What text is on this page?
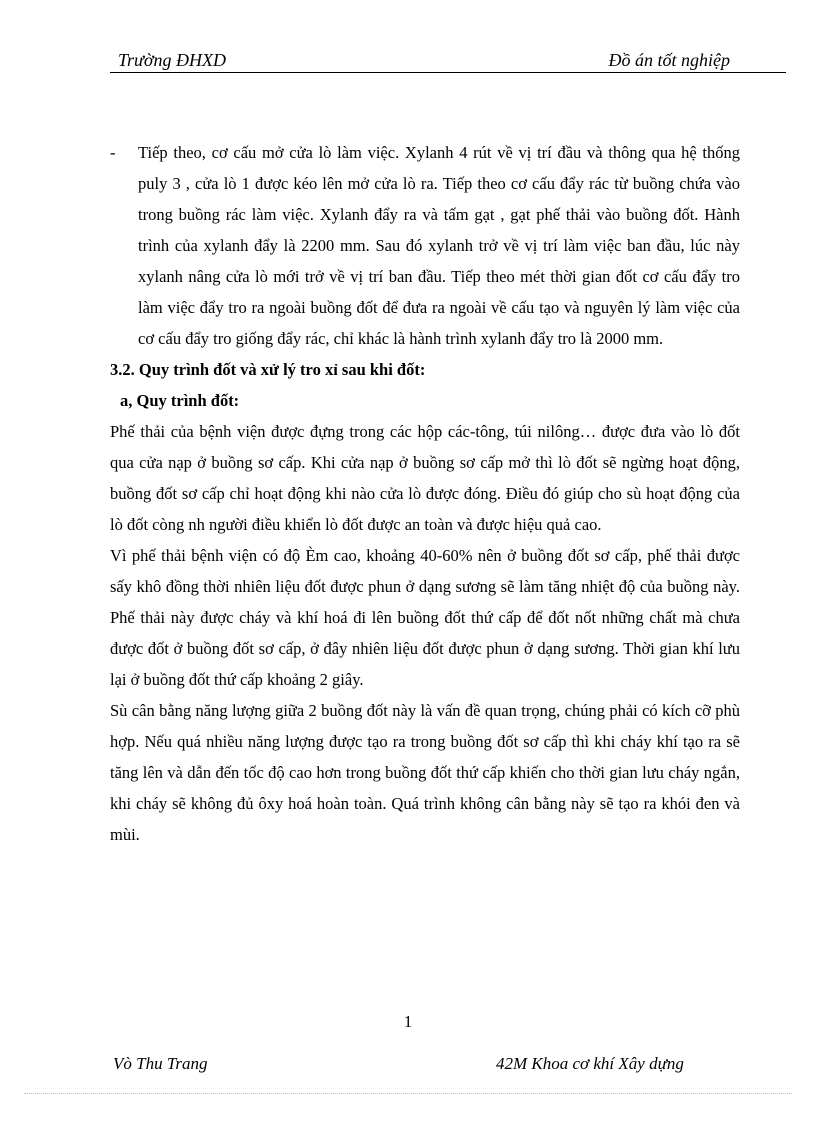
Trường ĐHXD	Đồ án tốt nghiệp
- Tiếp theo, cơ cấu mở cửa lò làm việc. Xylanh 4 rút về vị trí đầu và thông qua hệ thống puly 3 , cửa lò 1 được kéo lên mở cửa lò ra. Tiếp theo cơ cấu đẩy rác từ buồng chứa vào trong buồng rác làm việc. Xylanh đẩy ra và tấm gạt , gạt phế thải vào buồng đốt. Hành trình của xylanh đẩy là 2200 mm. Sau đó xylanh trở về vị trí làm việc ban đầu, lúc này xylanh nâng cửa lò mới trở về vị trí ban đầu. Tiếp theo mét thời gian đốt cơ cấu đẩy tro làm việc đẩy tro ra ngoài buồng đốt để đưa ra ngoài về cấu tạo và nguyên lý làm việc của cơ cấu đẩy tro giống đẩy rác, chỉ khác là hành trình xylanh đẩy tro là 2000 mm.
3.2. Quy trình đốt và xử lý tro xỉ sau khi đốt:
a, Quy trình đốt:

Phế thải của bệnh viện được đựng trong các hộp các-tông, túi nilông… được đưa vào lò đốt qua cửa nạp ở buồng sơ cấp. Khi cửa nạp ở buồng sơ cấp mở thì lò đốt sẽ ngừng hoạt động, buồng đốt sơ cấp chỉ hoạt động khi nào cửa lò được đóng. Điều đó giúp cho sù hoạt động của lò đốt còng nh người điều khiển lò đốt được an toàn và được hiệu quả cao.

Vì phế thải bệnh viện có độ Èm cao, khoảng 40-60% nên ở buồng đốt sơ cấp, phế thải được sấy khô đồng thời nhiên liệu đốt được phun ở dạng sương sẽ làm tăng nhiệt độ của buồng này. Phế thải này được cháy và khí hoá đi lên buồng đốt thứ cấp để đốt nốt những chất mà chưa được đốt ở buồng đốt sơ cấp, ở đây nhiên liệu đốt được phun ở dạng sương. Thời gian khí lưu lại ở buồng đốt thứ cấp khoảng 2 giây.

Sù cân bằng năng lượng giữa 2 buồng đốt này là vấn đề quan trọng, chúng phải có kích cỡ phù hợp. Nếu quá nhiều năng lượng được tạo ra trong buồng đốt sơ cấp thì khi cháy khí tạo ra sẽ tăng lên và dẫn đến tốc độ cao hơn trong buồng đốt thứ cấp khiến cho thời gian lưu cháy ngắn, khi cháy sẽ không đủ ôxy hoá hoàn toàn. Quá trình không cân bằng này sẽ tạo ra khói đen và mùi.

1
Vò Thu Trang	42M Khoa cơ khí Xây dựng
